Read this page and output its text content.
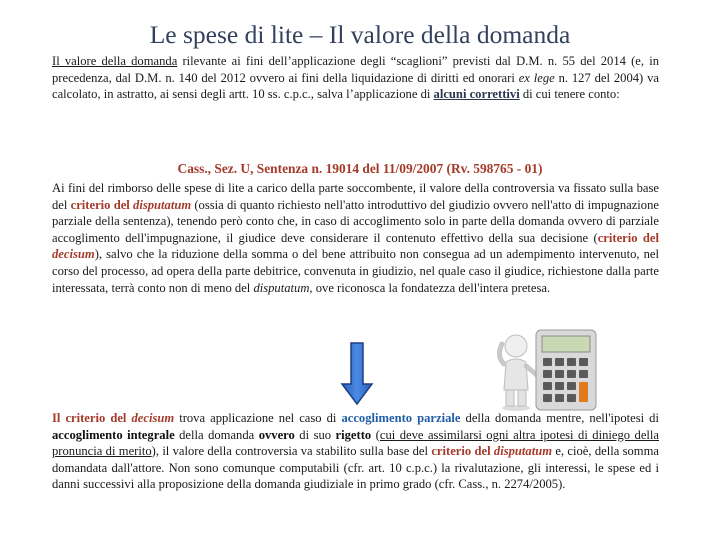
Le spese di lite – Il valore della domanda
Il valore della domanda rilevante ai fini dell’applicazione degli “scaglioni” previsti dal D.M. n. 55 del 2014 (e, in precedenza, dal D.M. n. 140 del 2012 ovvero ai fini della liquidazione di diritti ed onorari ex lege n. 127 del 2004) va calcolato, in astratto, ai sensi degli artt. 10 ss. c.p.c., salva l’applicazione di alcuni correttivi di cui tenere conto:
Cass., Sez. U, Sentenza n. 19014 del 11/09/2007 (Rv. 598765 - 01)
Ai fini del rimborso delle spese di lite a carico della parte soccombente, il valore della controversia va fissato sulla base del criterio del disputatum (ossia di quanto richiesto nell'atto introduttivo del giudizio ovvero nell'atto di impugnazione parziale della sentenza), tenendo però conto che, in caso di accoglimento solo in parte della domanda ovvero di parziale accoglimento dell'impugnazione, il giudice deve considerare il contenuto effettivo della sua decisione (criterio del decisum), salvo che la riduzione della somma o del bene attribuito non consegua ad un adempimento intervenuto, nel corso del processo, ad opera della parte debitrice, convenuta in giudizio, nel quale caso il giudice, richiestone dalla parte interessata, terrà conto non di meno del disputatum, ove riconosca la fondatezza dell'intera pretesa.
Il criterio del decisum trova applicazione nel caso di accoglimento parziale della domanda mentre, nell'ipotesi di accoglimento integrale della domanda ovvero di suo rigetto (cui deve assimilarsi ogni altra ipotesi di diniego della pronuncia di merito), il valore della controversia va stabilito sulla base del criterio del disputatum e, cioè, della somma domandata dall'attore. Non sono comunque computabili (cfr. art. 10 c.p.c.) la rivalutazione, gli interessi, le spese ed i danni successivi alla proposizione della domanda giudiziale in primo grado (cfr. Cass., n. 2274/2005).
